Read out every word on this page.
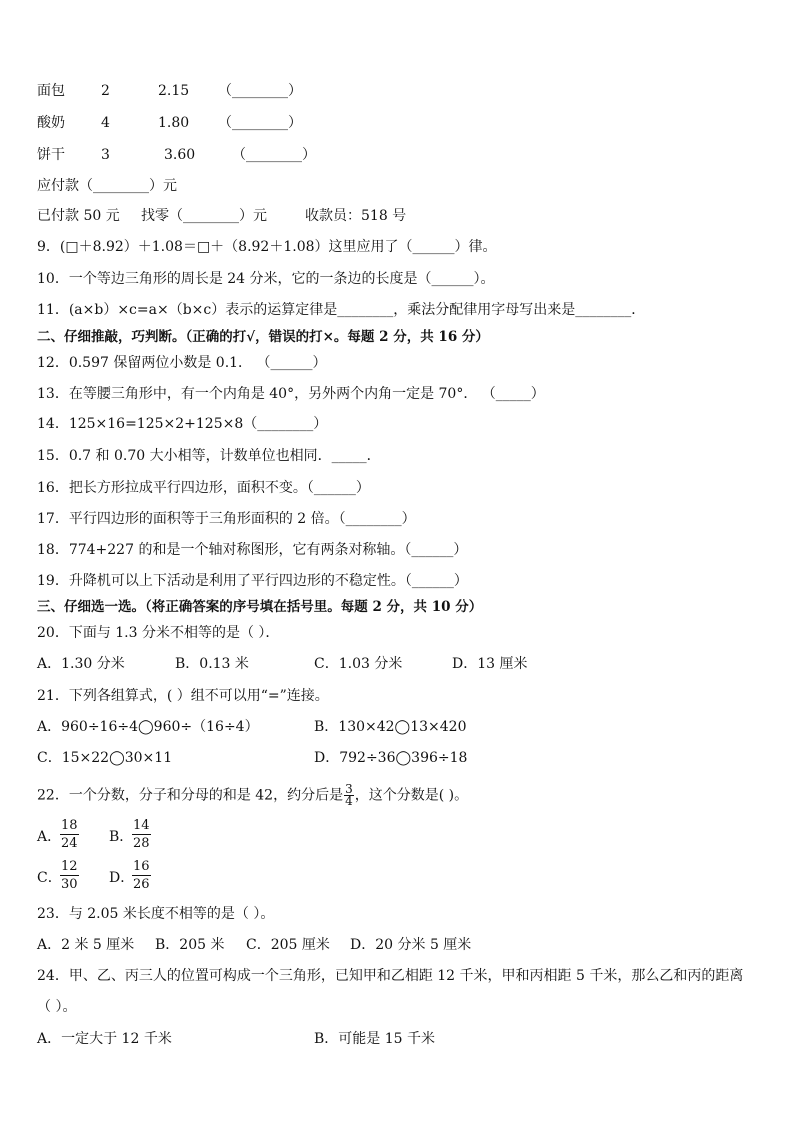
面包	2	2.15 （________）
酸奶	4	1.80 （________）
饼干	3	3.60	（________）
应付款（________）元
已付款 50 元 找零（________）元	收款员：518 号
9．(□＋8.92）＋1.08＝□＋（8.92＋1.08）这里应用了（______）律。
10．一个等边三角形的周长是 24 分米，它的一条边的长度是（______）。
11．(a×b）×c=a×（b×c）表示的运算定律是________，乘法分配律用字母写出来是________．
二、仔细推敲，巧判断。（正确的打√，错误的打×。每题 2 分，共 16 分）
12．0.597 保留两位小数是 0.1． （______）
13．在等腰三角形中，有一个内角是 40°，另外两个内角一定是 70°． （_____）
14．125×16=125×2+125×8（________）
15．0.7 和 0.70 大小相等，计数单位也相同．_____．
16．把长方形拉成平行四边形，面积不变。（______）
17．平行四边形的面积等于三角形面积的 2 倍。（________）
18．774+227 的和是一个轴对称图形，它有两条对称轴。（______）
19．升降机可以上下活动是利用了平行四边形的不稳定性。（______）
三、仔细选一选。（将正确答案的序号填在括号里。每题 2 分，共 10 分）
20．下面与 1.3 分米不相等的是（ ）．
A．1.30 分米	B．0.13 米	C．1.03 分米	D．13 厘米
21．下列各组算式，( ）组不可以用“=”连接。
A．960÷16÷4◯960÷（16÷4）	B．130×42◯13×420
C．15×22◯30×11	D．792÷36◯396÷18
22．一个分数，分子和分母的和是 42，约分后是 $\frac{3}{4}$ ，这个分数是( )。
A．
$\frac{18}{24}$ B．
$\frac{14}{28}$
C．
$\frac{12}{30}$ D．
$\frac{16}{26}$
23．与 2.05 米长度不相等的是（ ）。
A．2 米 5 厘米 B．205 米 C．205 厘米 D．20 分米 5 厘米
24．甲、乙、丙三人的位置可构成一个三角形，已知甲和乙相距 12 千米，甲和丙相距 5 千米，那么乙和丙的距离
（ ）。
A．一定大于 12 千米	B．可能是 15 千米
